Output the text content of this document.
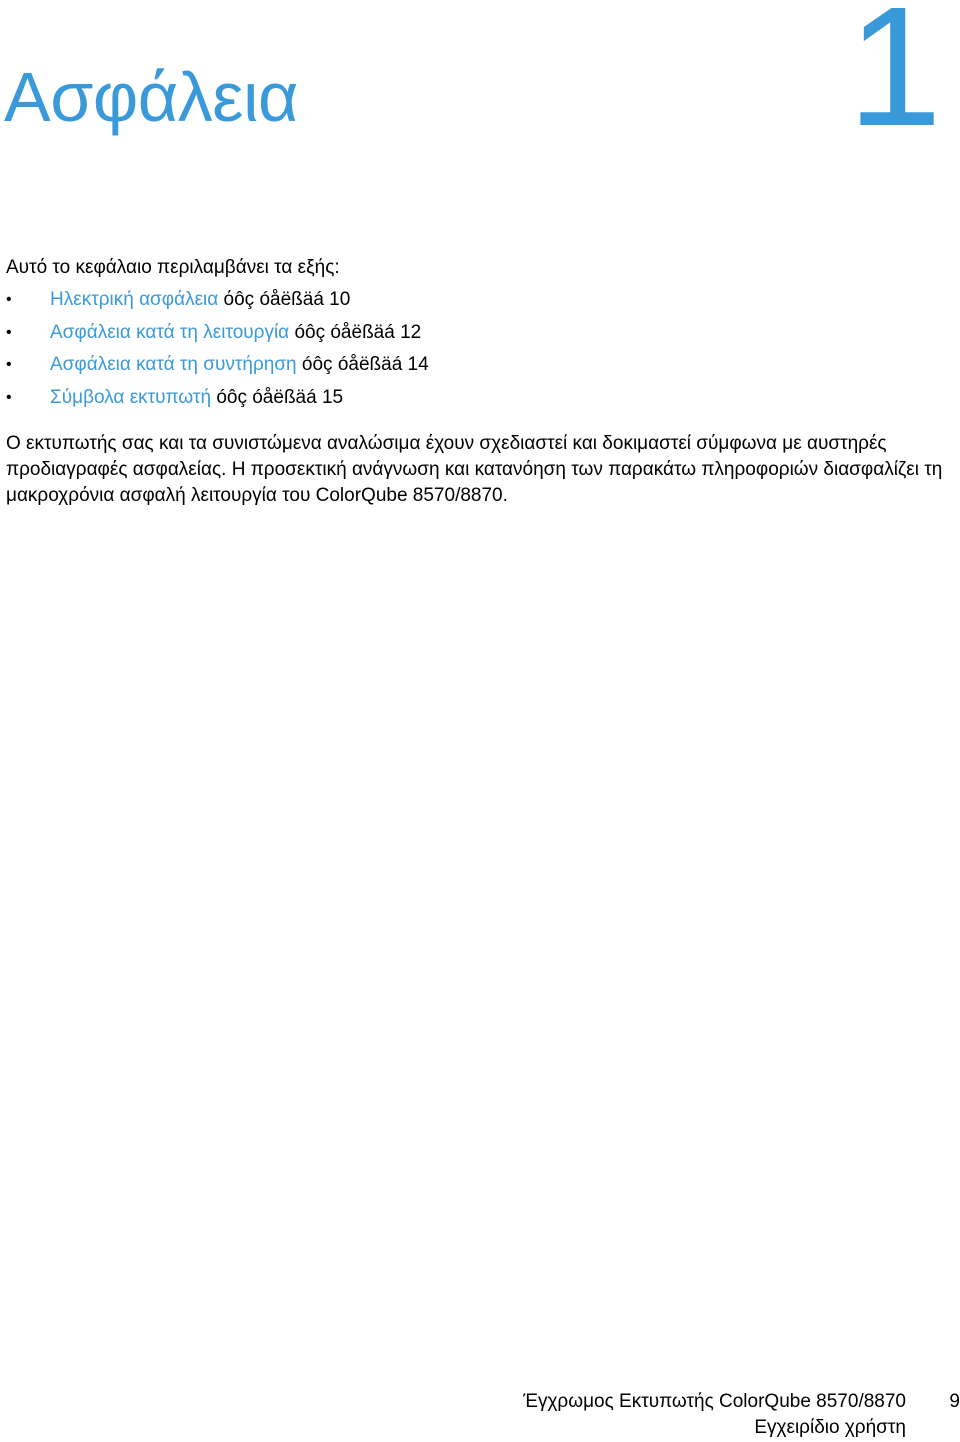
1
Ασφάλεια

Αυτό το κεφάλαιο περιλαμβάνει τα εξής:

• Ηλεκτρική ασφάλεια όôç óåëßäá 10
• Ασφάλεια κατά τη λειτουργία óôç óåëßäá 12
• Ασφάλεια κατά τη συντήρηση óôç óåëßäá 14
• Σύμβολα εκτυπωτή óôç óåëßäá 15

Ο εκτυπωτής σας και τα συνιστώμενα αναλώσιμα έχουν σχεδιαστεί και δοκιμαστεί σύμφωνα με αυστηρές προδιαγραφές ασφαλείας. Η προσεκτική ανάγνωση και κατανόηση των παρακάτω πληροφοριών διασφαλίζει τη μακροχρόνια ασφαλή λειτουργία του ColorQube 8570/8870.

Έγχρωμος Εκτυπωτής ColorQube 8570/8870
Εγχειρίδιο χρήστη
9
